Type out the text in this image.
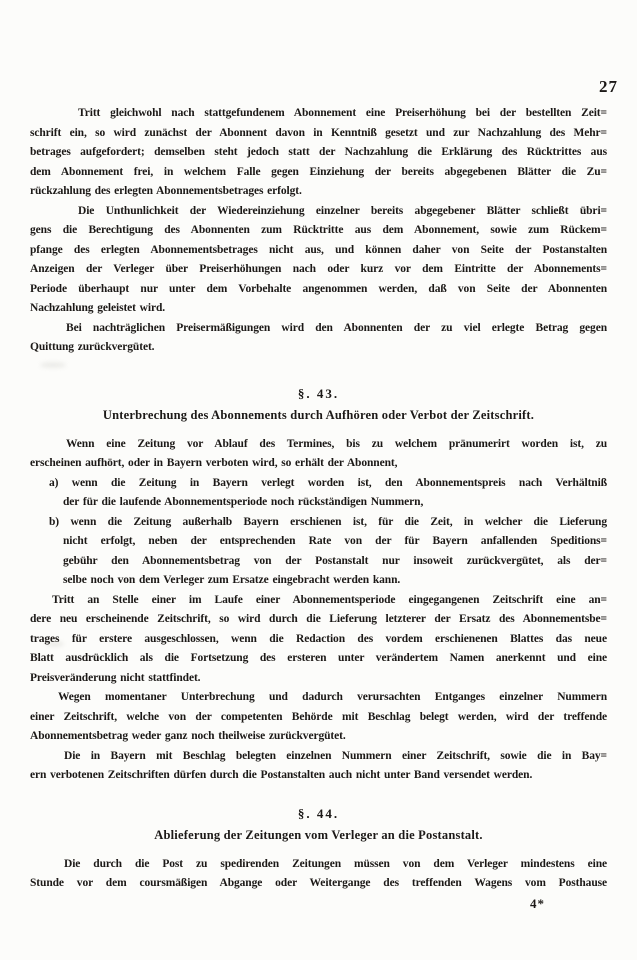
27
Tritt gleichwohl nach stattgefundenem Abonnement eine Preiserhöhung bei der bestellten Zeit=
schrift ein, so wird zunächst der Abonnent davon in Kenntniß gesetzt und zur Nachzahlung des Mehr=
betrages aufgefordert; demselben steht jedoch statt der Nachzahlung die Erklärung des Rücktrittes aus
dem Abonnement frei, in welchem Falle gegen Einziehung der bereits abgegebenen Blätter die Zu=
rückzahlung des erlegten Abonnementsbetrages erfolgt.
Die Unthunlichkeit der Wiedereinziehung einzelner bereits abgegebener Blätter schließt übri=
gens die Berechtigung des Abonnenten zum Rücktritte aus dem Abonnement, sowie zum Rückem=
pfange des erlegten Abonnementsbetrages nicht aus, und können daher von Seite der Postanstalten
Anzeigen der Verleger über Preiserhöhungen nach oder kurz vor dem Eintritte der Abonnements=
Periode überhaupt nur unter dem Vorbehalte angenommen werden, daß von Seite der Abonnenten
Nachzahlung geleistet wird.
Bei nachträglichen Preisermäßigungen wird den Abonnenten der zu viel erlegte Betrag gegen
Quittung zurückvergütet.
§. 43.
Unterbrechung des Abonnements durch Aufhören oder Verbot der Zeitschrift.
Wenn eine Zeitung vor Ablauf des Termines, bis zu welchem pränumerirt worden ist, zu
erscheinen aufhört, oder in Bayern verboten wird, so erhält der Abonnent,
a) wenn die Zeitung in Bayern verlegt worden ist, den Abonnementspreis nach Verhältniß
der für die laufende Abonnementsperiode noch rückständigen Nummern,
b) wenn die Zeitung außerhalb Bayern erschienen ist, für die Zeit, in welcher die Lieferung
nicht erfolgt, neben der entsprechenden Rate von der für Bayern anfallenden Speditions=
gebühr den Abonnementsbetrag von der Postanstalt nur insoweit zurückvergütet, als der=
selbe noch von dem Verleger zum Ersatze eingebracht werden kann.
Tritt an Stelle einer im Laufe einer Abonnementsperiode eingegangenen Zeitschrift eine an=
dere neu erscheinende Zeitschrift, so wird durch die Lieferung letzterer der Ersatz des Abonnementsbe=
trages für erstere ausgeschlossen, wenn die Redaction des vordem erschienenen Blattes das neue
Blatt ausdrücklich als die Fortsetzung des ersteren unter verändertem Namen anerkennt und eine
Preisveränderung nicht stattfindet.
Wegen momentaner Unterbrechung und dadurch verursachten Entganges einzelner Nummern
einer Zeitschrift, welche von der competenten Behörde mit Beschlag belegt werden, wird der treffende
Abonnementsbetrag weder ganz noch theilweise zurückvergütet.
Die in Bayern mit Beschlag belegten einzelnen Nummern einer Zeitschrift, sowie die in Bay=
ern verbotenen Zeitschriften dürfen durch die Postanstalten auch nicht unter Band versendet werden.
§. 44.
Ablieferung der Zeitungen vom Verleger an die Postanstalt.
Die durch die Post zu spedirenden Zeitungen müssen von dem Verleger mindestens eine
Stunde vor dem coursmäßigen Abgange oder Weitergange des treffenden Wagens vom Posthause
4*
